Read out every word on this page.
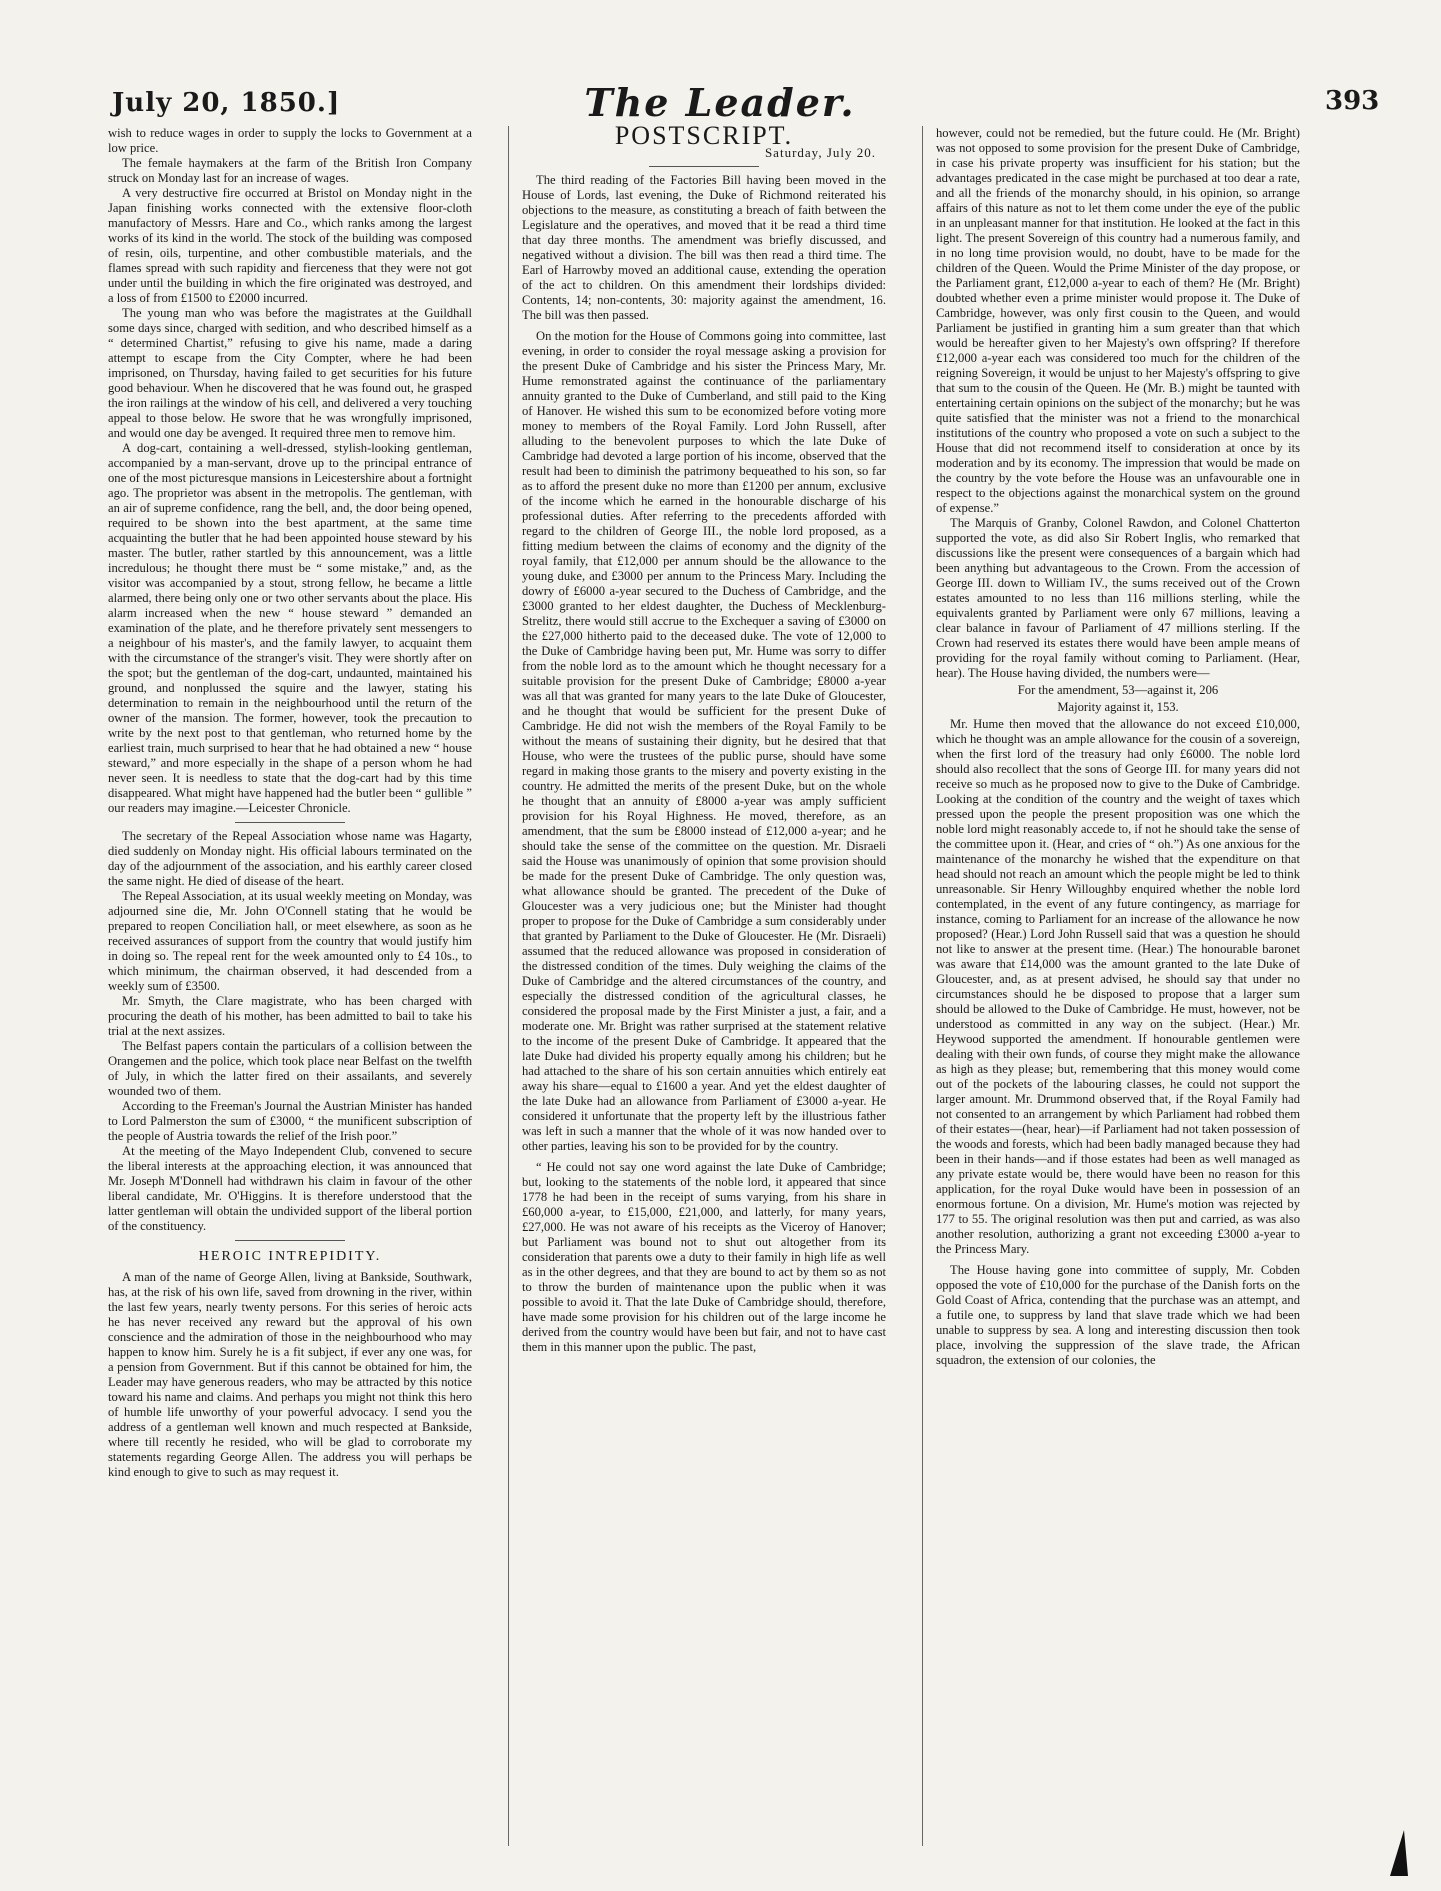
July 20, 1850.]	The Leader.	393

wish to reduce wages in order to supply the locks to Government at a low price.

The female haymakers at the farm of the British Iron Company struck on Monday last for an increase of wages.

A very destructive fire occurred at Bristol on Monday night in the Japan finishing works connected with the extensive floor-cloth manufactory of Messrs. Hare and Co., which ranks among the largest works of its kind in the world. The stock of the building was composed of resin, oils, turpentine, and other combustible materials, and the flames spread with such rapidity and fierceness that they were not got under until the building in which the fire originated was destroyed, and a loss of from £1500 to £2000 incurred.

The young man who was before the magistrates at the Guildhall some days since, charged with sedition, and who described himself as a “ determined Chartist,” refusing to give his name, made a daring attempt to escape from the City Compter, where he had been imprisoned, on Thursday, having failed to get securities for his future good behaviour. When he discovered that he was found out, he grasped the iron railings at the window of his cell, and delivered a very touching appeal to those below. He swore that he was wrongfully imprisoned, and would one day be avenged. It required three men to remove him.

A dog-cart, containing a well-dressed, stylish-looking gentleman, accompanied by a man-servant, drove up to the principal entrance of one of the most picturesque mansions in Leicestershire about a fortnight ago. The proprietor was absent in the metropolis. The gentleman, with an air of supreme confidence, rang the bell, and, the door being opened, required to be shown into the best apartment, at the same time acquainting the butler that he had been appointed house steward by his master. The butler, rather startled by this announcement, was a little incredulous; he thought there must be “ some mistake,” and, as the visitor was accompanied by a stout, strong fellow, he became a little alarmed, there being only one or two other servants about the place. His alarm increased when the new “ house steward ” demanded an examination of the plate, and he therefore privately sent messengers to a neighbour of his master's, and the family lawyer, to acquaint them with the circumstance of the stranger's visit. They were shortly after on the spot; but the gentleman of the dog-cart, undaunted, maintained his ground, and nonplussed the squire and the lawyer, stating his determination to remain in the neighbourhood until the return of the owner of the mansion. The former, however, took the precaution to write by the next post to that gentleman, who returned home by the earliest train, much surprised to hear that he had obtained a new “ house steward,” and more especially in the shape of a person whom he had never seen. It is needless to state that the dog-cart had by this time disappeared. What might have happened had the butler been “ gullible ” our readers may imagine.—Leicester Chronicle.

The secretary of the Repeal Association whose name was Hagarty, died suddenly on Monday night. His official labours terminated on the day of the adjournment of the association, and his earthly career closed the same night. He died of disease of the heart.

The Repeal Association, at its usual weekly meeting on Monday, was adjourned sine die, Mr. John O'Connell stating that he would be prepared to reopen Conciliation hall, or meet elsewhere, as soon as he received assurances of support from the country that would justify him in doing so. The repeal rent for the week amounted only to £4 10s., to which minimum, the chairman observed, it had descended from a weekly sum of £3500.

Mr. Smyth, the Clare magistrate, who has been charged with procuring the death of his mother, has been admitted to bail to take his trial at the next assizes.

The Belfast papers contain the particulars of a collision between the Orangemen and the police, which took place near Belfast on the twelfth of July, in which the latter fired on their assailants, and severely wounded two of them.

According to the Freeman's Journal the Austrian Minister has handed to Lord Palmerston the sum of £3000, “ the munificent subscription of the people of Austria towards the relief of the Irish poor.”

At the meeting of the Mayo Independent Club, convened to secure the liberal interests at the approaching election, it was announced that Mr. Joseph M'Donnell had withdrawn his claim in favour of the other liberal candidate, Mr. O'Higgins. It is therefore understood that the latter gentleman will obtain the undivided support of the liberal portion of the constituency.

HEROIC INTREPIDITY.

A man of the name of George Allen, living at Bankside, Southwark, has, at the risk of his own life, saved from drowning in the river, within the last few years, nearly twenty persons. For this series of heroic acts he has never received any reward but the approval of his own conscience and the admiration of those in the neighbourhood who may happen to know him. Surely he is a fit subject, if ever any one was, for a pension from Government. But if this cannot be obtained for him, the Leader may have generous readers, who may be attracted by this notice toward his name and claims. And perhaps you might not think this hero of humble life unworthy of your powerful advocacy. I send you the address of a gentleman well known and much respected at Bankside, where till recently he resided, who will be glad to corroborate my statements regarding George Allen. The address you will perhaps be kind enough to give to such as may request it.

POSTSCRIPT.
Saturday, July 20.

The third reading of the Factories Bill having been moved in the House of Lords, last evening, the Duke of Richmond reiterated his objections to the measure, as constituting a breach of faith between the Legislature and the operatives, and moved that it be read a third time that day three months. The amendment was briefly discussed, and negatived without a division. The bill was then read a third time. The Earl of Harrowby moved an additional cause, extending the operation of the act to children. On this amendment their lordships divided: Contents, 14; non-contents, 30: majority against the amendment, 16. The bill was then passed.

On the motion for the House of Commons going into committee, last evening, in order to consider the royal message asking a provision for the present Duke of Cambridge and his sister the Princess Mary, Mr. Hume remonstrated against the continuance of the parliamentary annuity granted to the Duke of Cumberland, and still paid to the King of Hanover. He wished this sum to be economized before voting more money to members of the Royal Family. Lord John Russell, after alluding to the benevolent purposes to which the late Duke of Cambridge had devoted a large portion of his income, observed that the result had been to diminish the patrimony bequeathed to his son, so far as to afford the present duke no more than £1200 per annum, exclusive of the income which he earned in the honourable discharge of his professional duties. After referring to the precedents afforded with regard to the children of George III., the noble lord proposed, as a fitting medium between the claims of economy and the dignity of the royal family, that £12,000 per annum should be the allowance to the young duke, and £3000 per annum to the Princess Mary. Including the dowry of £6000 a-year secured to the Duchess of Cambridge, and the £3000 granted to her eldest daughter, the Duchess of Mecklenburg-Strelitz, there would still accrue to the Exchequer a saving of £3000 on the £27,000 hitherto paid to the deceased duke. The vote of 12,000 to the Duke of Cambridge having been put, Mr. Hume was sorry to differ from the noble lord as to the amount which he thought necessary for a suitable provision for the present Duke of Cambridge; £8000 a-year was all that was granted for many years to the late Duke of Gloucester, and he thought that would be sufficient for the present Duke of Cambridge. He did not wish the members of the Royal Family to be without the means of sustaining their dignity, but he desired that that House, who were the trustees of the public purse, should have some regard in making those grants to the misery and poverty existing in the country. He admitted the merits of the present Duke, but on the whole he thought that an annuity of £8000 a-year was amply sufficient provision for his Royal Highness. He moved, therefore, as an amendment, that the sum be £8000 instead of £12,000 a-year; and he should take the sense of the committee on the question. Mr. Disraeli said the House was unanimously of opinion that some provision should be made for the present Duke of Cambridge. The only question was, what allowance should be granted. The precedent of the Duke of Gloucester was a very judicious one; but the Minister had thought proper to propose for the Duke of Cambridge a sum considerably under that granted by Parliament to the Duke of Gloucester. He (Mr. Disraeli) assumed that the reduced allowance was proposed in consideration of the distressed condition of the times. Duly weighing the claims of the Duke of Cambridge and the altered circumstances of the country, and especially the distressed condition of the agricultural classes, he considered the proposal made by the First Minister a just, a fair, and a moderate one. Mr. Bright was rather surprised at the statement relative to the income of the present Duke of Cambridge. It appeared that the late Duke had divided his property equally among his children; but he had attached to the share of his son certain annuities which entirely eat away his share—equal to £1600 a year. And yet the eldest daughter of the late Duke had an allowance from Parliament of £3000 a-year. He considered it unfortunate that the property left by the illustrious father was left in such a manner that the whole of it was now handed over to other parties, leaving his son to be provided for by the country.

“ He could not say one word against the late Duke of Cambridge; but, looking to the statements of the noble lord, it appeared that since 1778 he had been in the receipt of sums varying, from his share in £60,000 a-year, to £15,000, £21,000, and latterly, for many years, £27,000. He was not aware of his receipts as the Viceroy of Hanover; but Parliament was bound not to shut out altogether from its consideration that parents owe a duty to their family in high life as well as in the other degrees, and that they are bound to act by them so as not to throw the burden of maintenance upon the public when it was possible to avoid it. That the late Duke of Cambridge should, therefore, have made some provision for his children out of the large income he derived from the country would have been but fair, and not to have cast them in this manner upon the public. The past,

however, could not be remedied, but the future could. He (Mr. Bright) was not opposed to some provision for the present Duke of Cambridge, in case his private property was insufficient for his station; but the advantages predicated in the case might be purchased at too dear a rate, and all the friends of the monarchy should, in his opinion, so arrange affairs of this nature as not to let them come under the eye of the public in an unpleasant manner for that institution. He looked at the fact in this light. The present Sovereign of this country had a numerous family, and in no long time provision would, no doubt, have to be made for the children of the Queen. Would the Prime Minister of the day propose, or the Parliament grant, £12,000 a-year to each of them? He (Mr. Bright) doubted whether even a prime minister would propose it. The Duke of Cambridge, however, was only first cousin to the Queen, and would Parliament be justified in granting him a sum greater than that which would be hereafter given to her Majesty's own offspring? If therefore £12,000 a-year each was considered too much for the children of the reigning Sovereign, it would be unjust to her Majesty's offspring to give that sum to the cousin of the Queen. He (Mr. B.) might be taunted with entertaining certain opinions on the subject of the monarchy; but he was quite satisfied that the minister was not a friend to the monarchical institutions of the country who proposed a vote on such a subject to the House that did not recommend itself to consideration at once by its moderation and by its economy. The impression that would be made on the country by the vote before the House was an unfavourable one in respect to the objections against the monarchical system on the ground of expense.”

The Marquis of Granby, Colonel Rawdon, and Colonel Chatterton supported the vote, as did also Sir Robert Inglis, who remarked that discussions like the present were consequences of a bargain which had been anything but advantageous to the Crown. From the accession of George III. down to William IV., the sums received out of the Crown estates amounted to no less than 116 millions sterling, while the equivalents granted by Parliament were only 67 millions, leaving a clear balance in favour of Parliament of 47 millions sterling. If the Crown had reserved its estates there would have been ample means of providing for the royal family without coming to Parliament. (Hear, hear). The House having divided, the numbers were—

For the amendment, 53—against it, 206
Majority against it, 153.

Mr. Hume then moved that the allowance do not exceed £10,000, which he thought was an ample allowance for the cousin of a sovereign, when the first lord of the treasury had only £6000. The noble lord should also recollect that the sons of George III. for many years did not receive so much as he proposed now to give to the Duke of Cambridge. Looking at the condition of the country and the weight of taxes which pressed upon the people the present proposition was one which the noble lord might reasonably accede to, if not he should take the sense of the committee upon it. (Hear, and cries of “ oh.”) As one anxious for the maintenance of the monarchy he wished that the expenditure on that head should not reach an amount which the people might be led to think unreasonable. Sir Henry Willoughby enquired whether the noble lord contemplated, in the event of any future contingency, as marriage for instance, coming to Parliament for an increase of the allowance he now proposed? (Hear.) Lord John Russell said that was a question he should not like to answer at the present time. (Hear.) The honourable baronet was aware that £14,000 was the amount granted to the late Duke of Gloucester, and, as at present advised, he should say that under no circumstances should he be disposed to propose that a larger sum should be allowed to the Duke of Cambridge. He must, however, not be understood as committed in any way on the subject. (Hear.) Mr. Heywood supported the amendment. If honourable gentlemen were dealing with their own funds, of course they might make the allowance as high as they please; but, remembering that this money would come out of the pockets of the labouring classes, he could not support the larger amount. Mr. Drummond observed that, if the Royal Family had not consented to an arrangement by which Parliament had robbed them of their estates—(hear, hear)—if Parliament had not taken possession of the woods and forests, which had been badly managed because they had been in their hands—and if those estates had been as well managed as any private estate would be, there would have been no reason for this application, for the royal Duke would have been in possession of an enormous fortune. On a division, Mr. Hume's motion was rejected by 177 to 55. The original resolution was then put and carried, as was also another resolution, authorizing a grant not exceeding £3000 a-year to the Princess Mary.

The House having gone into committee of supply, Mr. Cobden opposed the vote of £10,000 for the purchase of the Danish forts on the Gold Coast of Africa, contending that the purchase was an attempt, and a futile one, to suppress by land that slave trade which we had been unable to suppress by sea. A long and interesting discussion then took place, involving the suppression of the slave trade, the African squadron, the extension of our colonies, the
